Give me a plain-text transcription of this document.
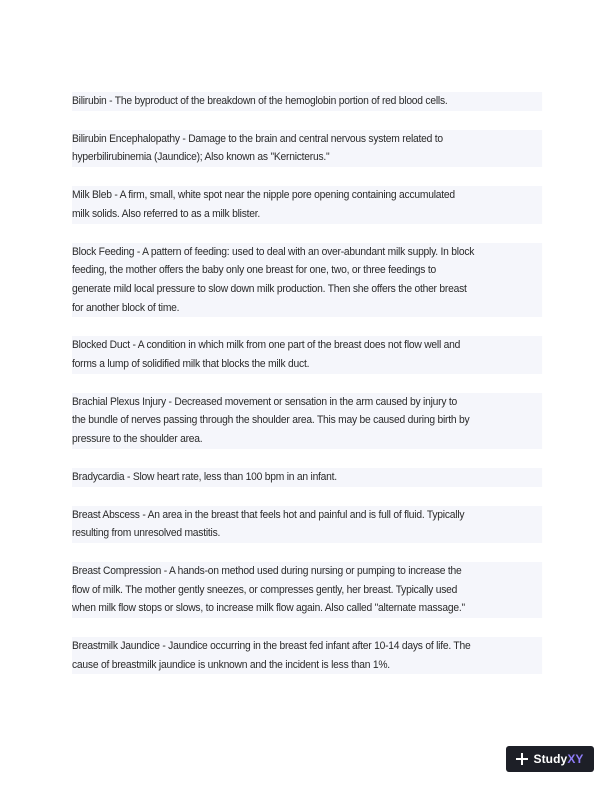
Bilirubin - The byproduct of the breakdown of the hemoglobin portion of red blood cells.

Bilirubin Encephalopathy - Damage to the brain and central nervous system related to
hyperbilirubinemia (Jaundice); Also known as "Kernicterus."

Milk Bleb - A firm, small, white spot near the nipple pore opening containing accumulated
milk solids. Also referred to as a milk blister.

Block Feeding - A pattern of feeding: used to deal with an over-abundant milk supply. In block
feeding, the mother offers the baby only one breast for one, two, or three feedings to
generate mild local pressure to slow down milk production. Then she offers the other breast
for another block of time.

Blocked Duct - A condition in which milk from one part of the breast does not flow well and
forms a lump of solidified milk that blocks the milk duct.

Brachial Plexus Injury - Decreased movement or sensation in the arm caused by injury to
the bundle of nerves passing through the shoulder area. This may be caused during birth by
pressure to the shoulder area.

Bradycardia - Slow heart rate, less than 100 bpm in an infant.

Breast Abscess - An area in the breast that feels hot and painful and is full of fluid. Typically
resulting from unresolved mastitis.

Breast Compression - A hands-on method used during nursing or pumping to increase the
flow of milk. The mother gently sneezes, or compresses gently, her breast. Typically used
when milk flow stops or slows, to increase milk flow again. Also called "alternate massage."

Breastmilk Jaundice - Jaundice occurring in the breast fed infant after 10-14 days of life. The
cause of breastmilk jaundice is unknown and the incident is less than 1%.

StudyXY
